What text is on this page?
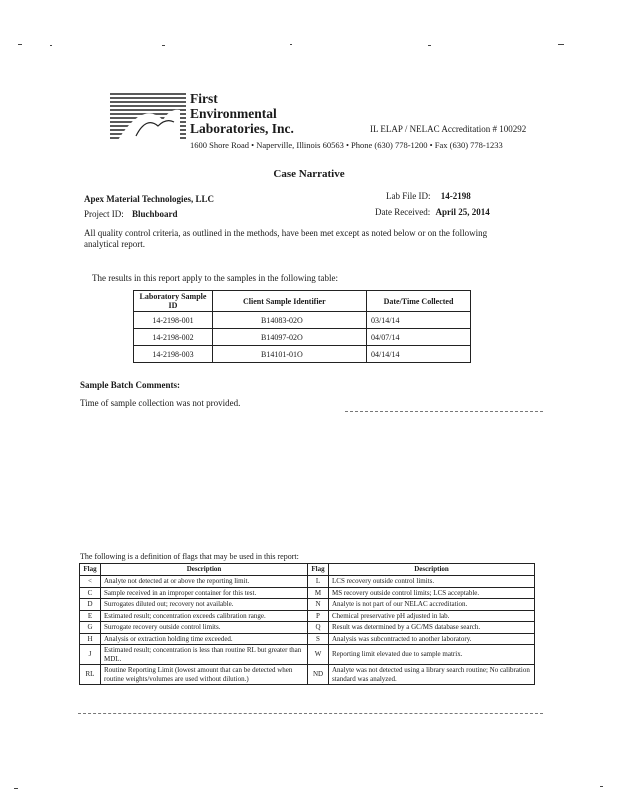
First
Environmental
Laboratories, Inc.	IL ELAP / NELAC Accreditation # 100292
1600 Shore Road • Naperville, Illinois 60563 • Phone (630) 778-1200 • Fax (630) 778-1233
Case Narrative
Apex Material Technologies, LLC	Lab File ID: 14-2198
Project ID: Bluchboard	Date Received: April 25, 2014
All quality control criteria, as outlined in the methods, have been met except as noted below or on the following analytical report.
The results in this report apply to the samples in the following table:
Laboratory Sample ID	Client Sample Identifier	Date/Time Collected
14-2198-001	B14083-02O	03/14/14
14-2198-002	B14097-02O	04/07/14
14-2198-003	B14101-01O	04/14/14
Sample Batch Comments:
Time of sample collection was not provided.
The following is a definition of flags that may be used in this report:
Flag	Description	Flag	Description
<	Analyte not detected at or above the reporting limit.	L	LCS recovery outside control limits.
C	Sample received in an improper container for this test.	M	MS recovery outside control limits; LCS acceptable.
D	Surrogates diluted out; recovery not available.	N	Analyte is not part of our NELAC accreditation.
E	Estimated result; concentration exceeds calibration range.	P	Chemical preservative pH adjusted in lab.
G	Surrogate recovery outside control limits.	Q	Result was determined by a GC/MS database search.
H	Analysis or extraction holding time exceeded.	S	Analysis was subcontracted to another laboratory.
J	Estimated result; concentration is less than routine RL but greater than MDL.	W	Reporting limit elevated due to sample matrix.
RL	Routine Reporting Limit (lowest amount that can be detected when routine weights/volumes are used without dilution.)	ND	Analyte was not detected using a library search routine; No calibration standard was analyzed.
